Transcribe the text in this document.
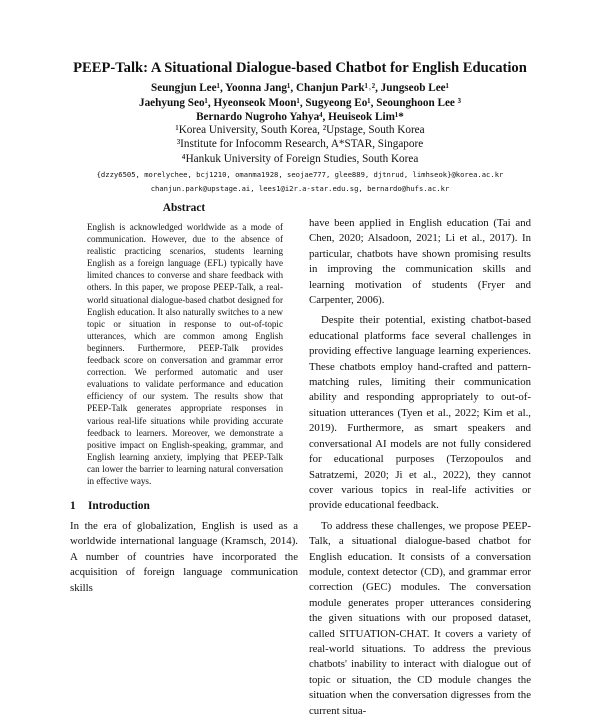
PEEP-Talk: A Situational Dialogue-based Chatbot for English Education
Seungjun Lee¹, Yoonna Jang¹, Chanjun Park¹˒², Jungseob Lee¹
Jaehyung Seo¹, Hyeonseok Moon¹, Sugyeong Eo¹, Seounghoon Lee ³
Bernardo Nugroho Yahya⁴, Heuiseok Lim¹*
¹Korea University, South Korea, ²Upstage, South Korea
³Institute for Infocomm Research, A*STAR, Singapore
⁴Hankuk University of Foreign Studies, South Korea
{dzzy6505, morelychee, bcj1210, omanma1928, seojae777, glee889, djtnrud, limhseok}@korea.ac.kr
chanjun.park@upstage.ai, lees1@i2r.a-star.edu.sg, bernardo@hufs.ac.kr
Abstract

English is acknowledged worldwide as a mode of communication. However, due to the absence of realistic practicing scenarios, students learning English as a foreign language (EFL) typically have limited chances to converse and share feedback with others. In this paper, we propose PEEP-Talk, a real-world situational dialogue-based chatbot designed for English education. It also naturally switches to a new topic or situation in response to out-of-topic utterances, which are common among English beginners. Furthermore, PEEP-Talk provides feedback score on conversation and grammar error correction. We performed automatic and user evaluations to validate performance and education efficiency of our system. The results show that PEEP-Talk generates appropriate responses in various real-life situations while providing accurate feedback to learners. Moreover, we demonstrate a positive impact on English-speaking, grammar, and English learning anxiety, implying that PEEP-Talk can lower the barrier to learning natural conversation in effective ways.

1 Introduction

In the era of globalization, English is used as a worldwide international language (Kramsch, 2014). A number of countries have incorporated the acquisition of foreign language communication skills

have been applied in English education (Tai and Chen, 2020; Alsadoon, 2021; Li et al., 2017). In particular, chatbots have shown promising results in improving the communication skills and learning motivation of students (Fryer and Carpenter, 2006).

Despite their potential, existing chatbot-based educational platforms face several challenges in providing effective language learning experiences. These chatbots employ hand-crafted and pattern-matching rules, limiting their communication ability and responding appropriately to out-of-situation utterances (Tyen et al., 2022; Kim et al., 2019). Furthermore, as smart speakers and conversational AI models are not fully considered for educational purposes (Terzopoulos and Satratzemi, 2020; Ji et al., 2022), they cannot cover various topics in real-life activities or provide educational feedback.

To address these challenges, we propose PEEP-Talk, a situational dialogue-based chatbot for English education. It consists of a conversation module, context detector (CD), and grammar error correction (GEC) modules. The conversation module generates proper utterances considering the given situations with our proposed dataset, called SITUATION-CHAT. It covers a variety of real-world situations. To address the previous chatbots' inability to interact with dialogue out of topic or situation, the CD module changes the situation when the conversation digresses from the current situa-
